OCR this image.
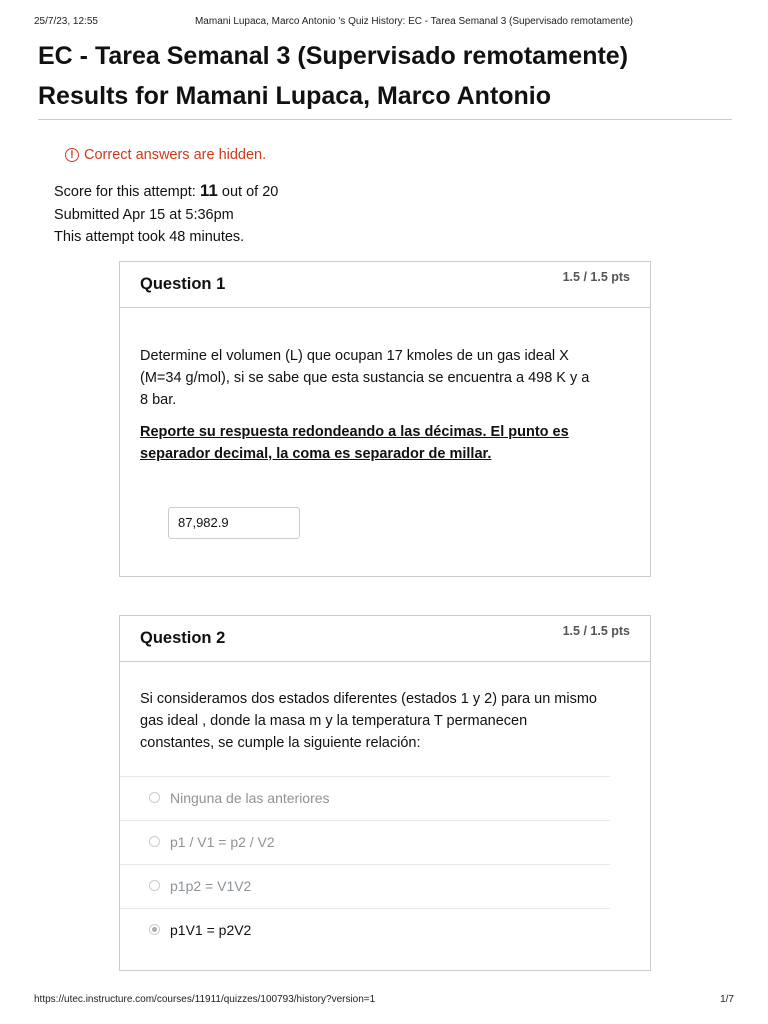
25/7/23, 12:55	Mamani Lupaca, Marco Antonio 's Quiz History: EC - Tarea Semanal 3 (Supervisado remotamente)
EC - Tarea Semanal 3 (Supervisado remotamente)
Results for Mamani Lupaca, Marco Antonio
! Correct answers are hidden.
Score for this attempt: 11 out of 20
Submitted Apr 15 at 5:36pm
This attempt took 48 minutes.
Question 1	1.5 / 1.5 pts

Determine el volumen (L) que ocupan 17 kmoles de un gas ideal X

(M=34 g/mol), si se sabe que esta sustancia se encuentra a 498 K y a

8 bar.

Reporte su respuesta redondeando a las décimas. El punto es

separador decimal, la coma es separador de millar.

87,982.9
Question 2	1.5 / 1.5 pts

Si consideramos dos estados diferentes (estados 1 y 2) para un mismo

gas ideal , donde la masa m y la temperatura T permanecen

constantes, se cumple la siguiente relación:

Ninguna de las anteriores
p1 / V1 = p2 / V2
p1p2 = V1V2
p1V1 = p2V2
https://utec.instructure.com/courses/11911/quizzes/100793/history?version=1	1/7
